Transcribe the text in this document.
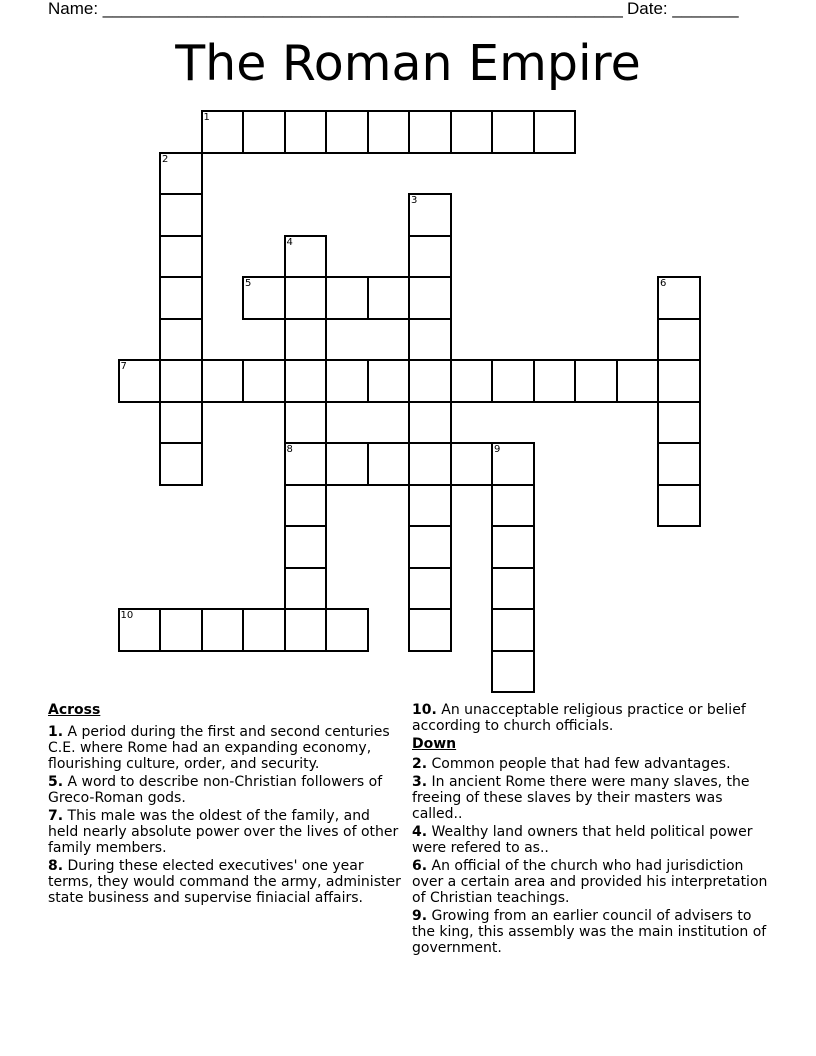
Name: _______________________________________________________ Date: _______
The Roman Empire
1
2
3
4
8
5	6
7
9
10
Across
1. A period during the first and second centuries C.E. where Rome had an expanding economy, flourishing culture, order, and security.
5. A word to describe non-Christian followers of Greco-Roman gods.
7. This male was the oldest of the family, and held nearly absolute power over the lives of other family members.
8. During these elected executives' one year terms, they would command the army, administer state business and supervise finiacial affairs.
10. An unacceptable religious practice or belief according to church officials.
Down
2. Common people that had few advantages.
3. In ancient Rome there were many slaves, the freeing of these slaves by their masters was called..
4. Wealthy land owners that held political power were refered to as..
6. An official of the church who had jurisdiction over a certain area and provided his interpretation of Christian teachings.
9. Growing from an earlier council of advisers to the king, this assembly was the main institution of government.
